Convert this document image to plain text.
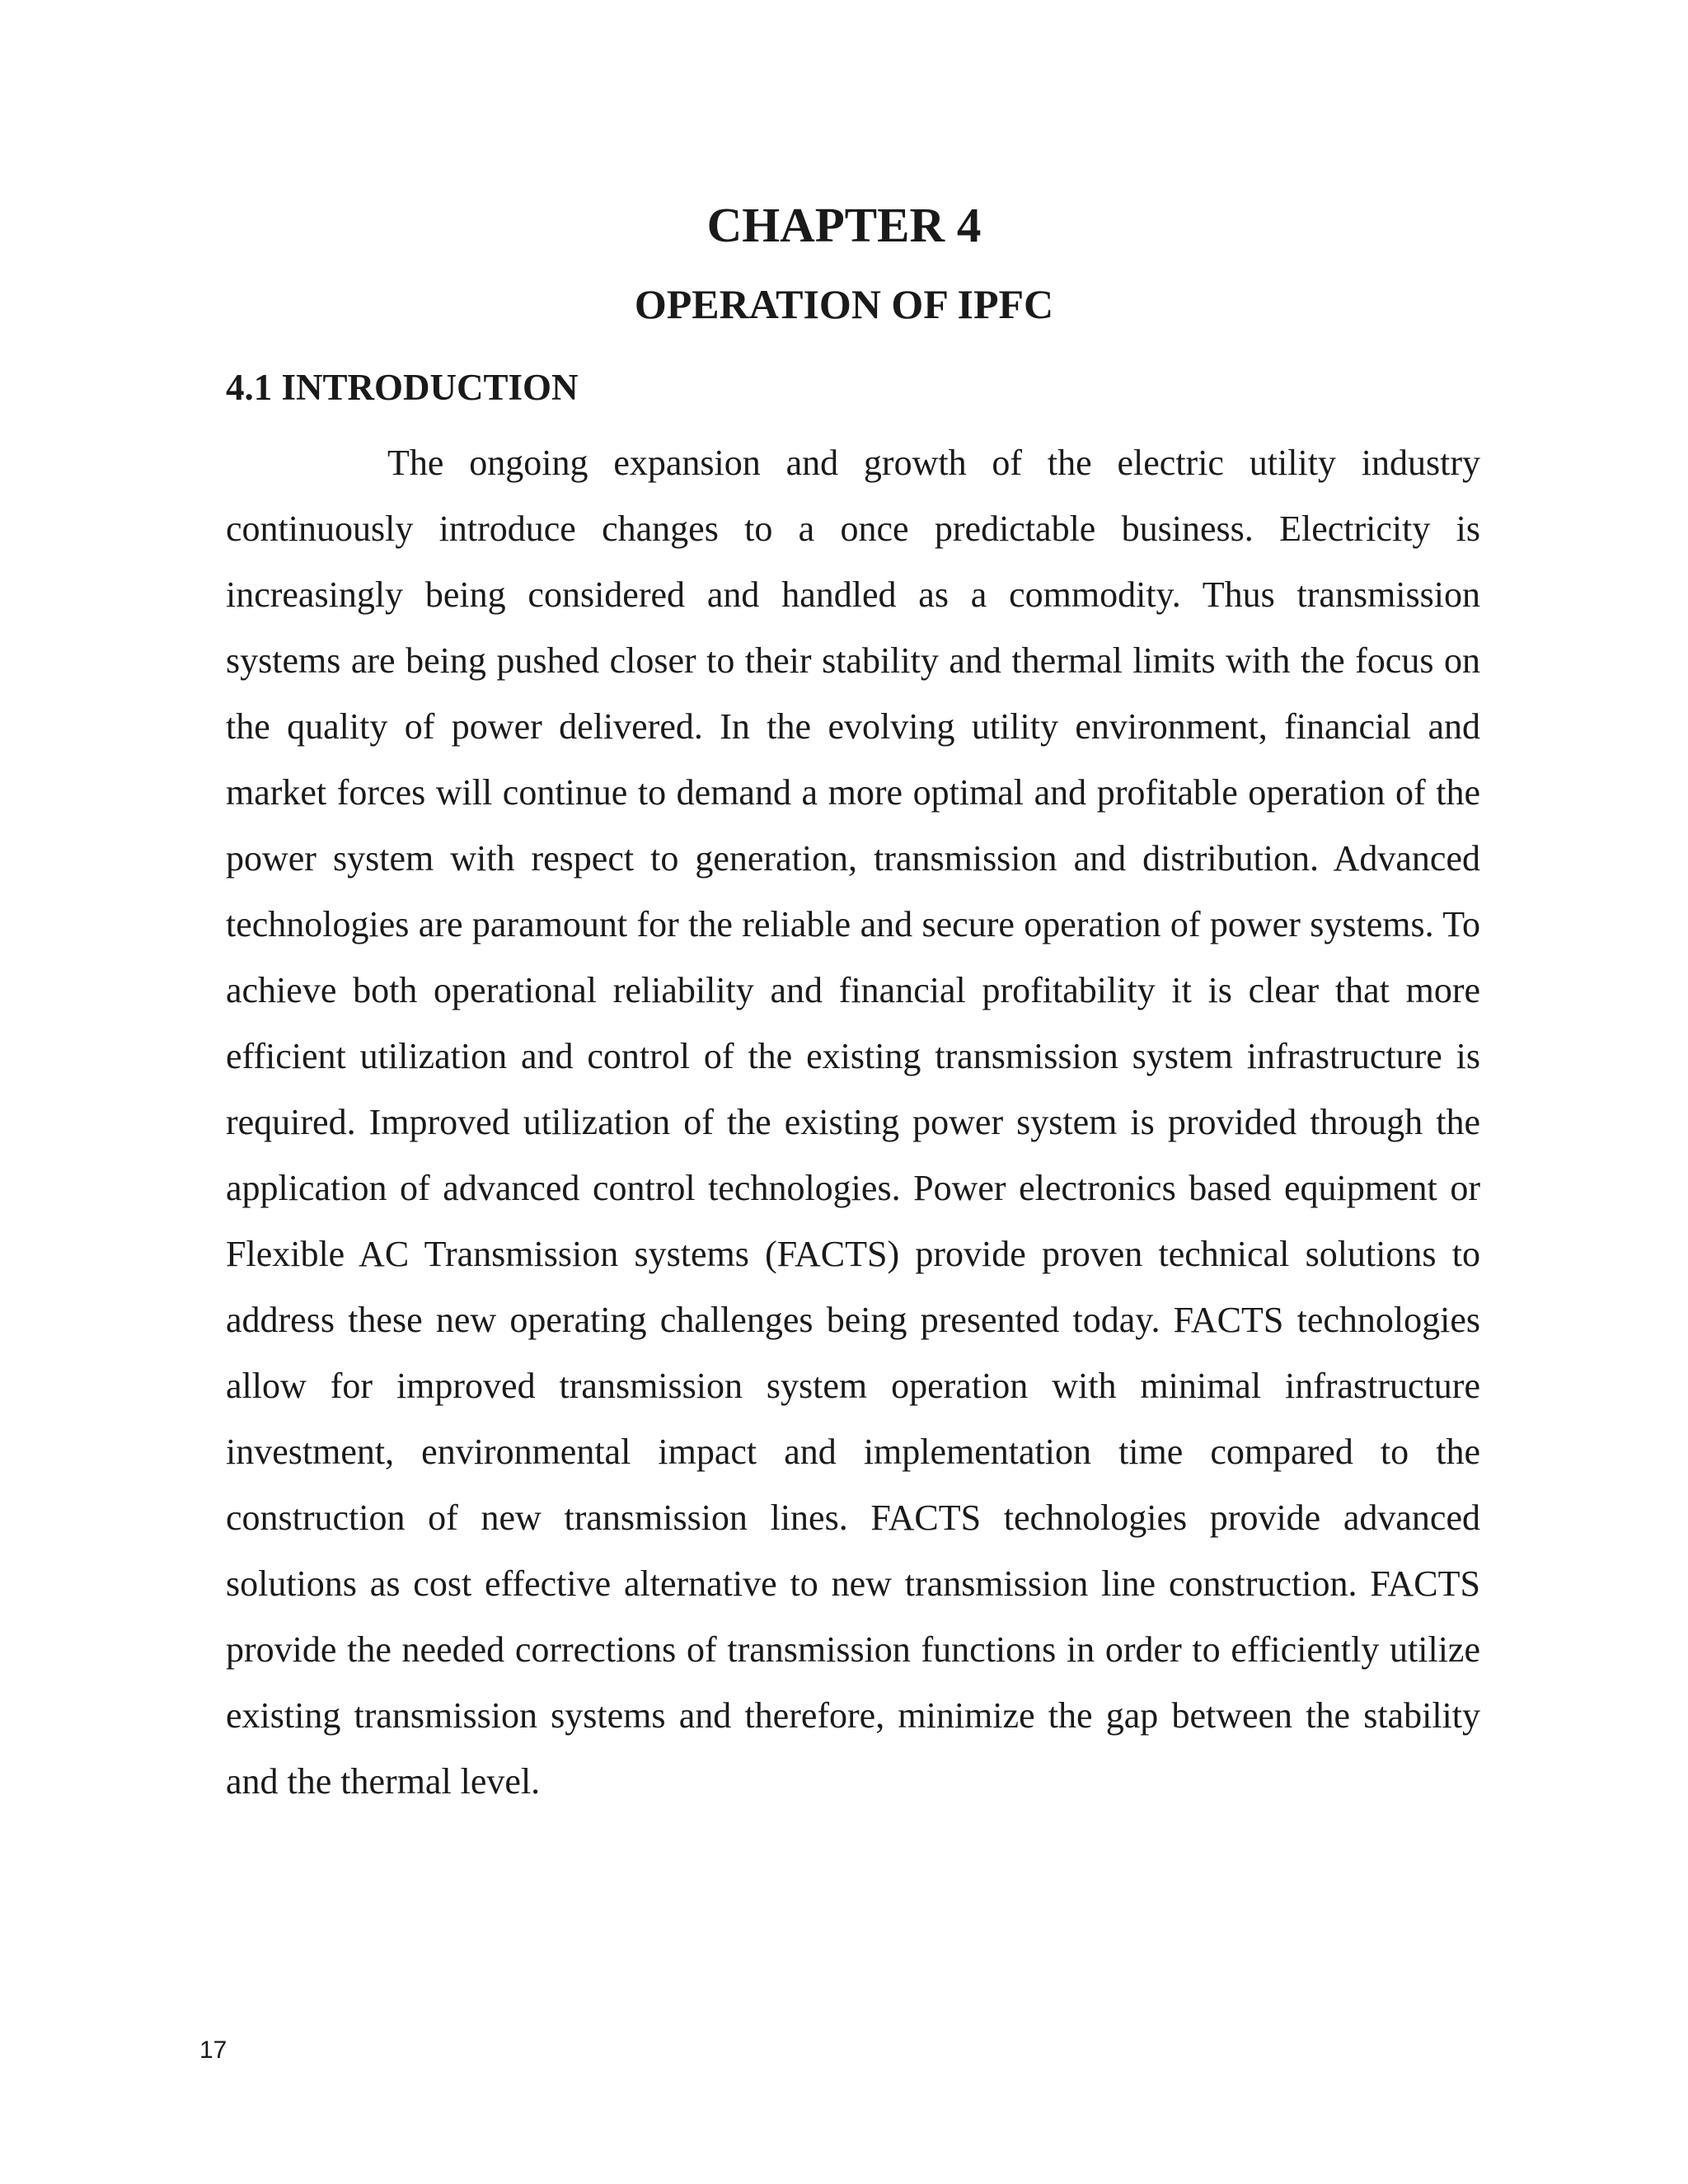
CHAPTER 4
OPERATION OF IPFC
4.1 INTRODUCTION

The ongoing expansion and growth of the electric utility industry continuously introduce changes to a once predictable business. Electricity is increasingly being considered and handled as a commodity. Thus transmission systems are being pushed closer to their stability and thermal limits with the focus on the quality of power delivered. In the evolving utility environment, financial and market forces will continue to demand a more optimal and profitable operation of the power system with respect to generation, transmission and distribution. Advanced technologies are paramount for the reliable and secure operation of power systems. To achieve both operational reliability and financial profitability it is clear that more efficient utilization and control of the existing transmission system infrastructure is required. Improved utilization of the existing power system is provided through the application of advanced control technologies. Power electronics based equipment or Flexible AC Transmission systems (FACTS) provide proven technical solutions to address these new operating challenges being presented today. FACTS technologies allow for improved transmission system operation with minimal infrastructure investment, environmental impact and implementation time compared to the construction of new transmission lines. FACTS technologies provide advanced solutions as cost effective alternative to new transmission line construction. FACTS provide the needed corrections of transmission functions in order to efficiently utilize existing transmission systems and therefore, minimize the gap between the stability and the thermal level.

17
